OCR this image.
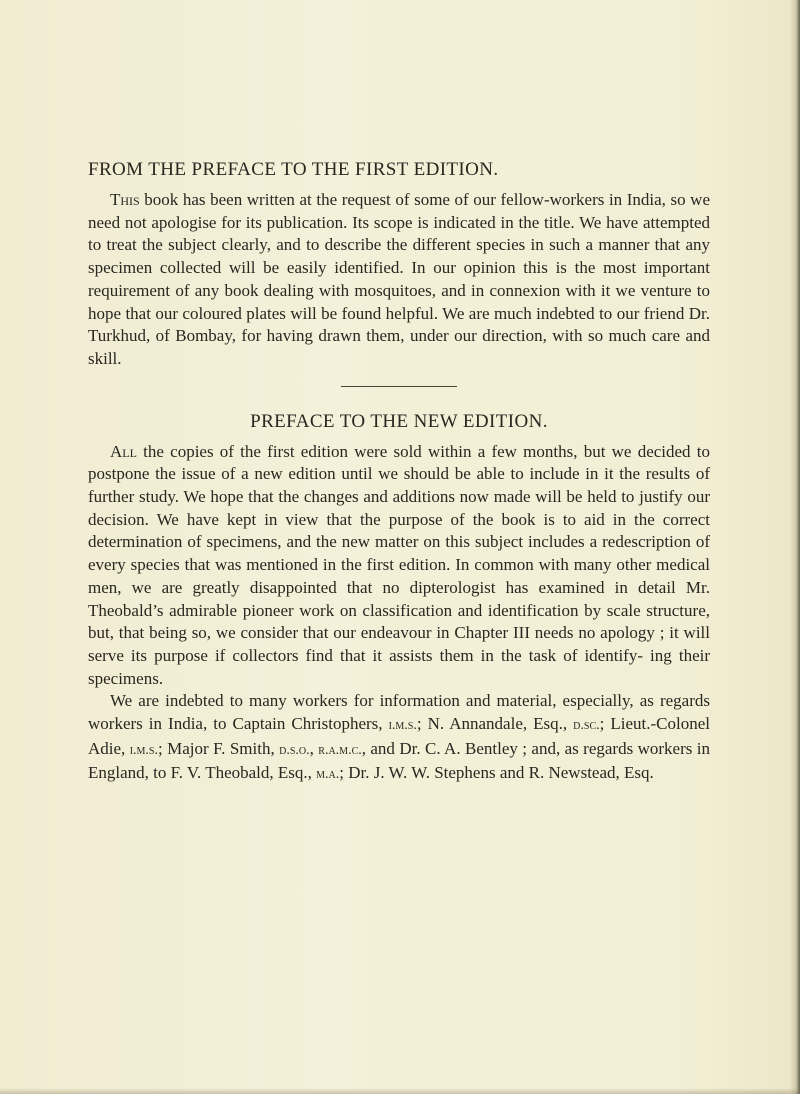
FROM THE PREFACE TO THE FIRST EDITION.

This book has been written at the request of some of our fellow-workers in India, so we need not apologise for its publication. Its scope is indicated in the title. We have attempted to treat the subject clearly, and to describe the different species in such a manner that any specimen collected will be easily identified. In our opinion this is the most important requirement of any book dealing with mosquitoes, and in connexion with it we venture to hope that our coloured plates will be found helpful. We are much indebted to our friend Dr. Turkhud, of Bombay, for having drawn them, under our direction, with so much care and skill.

PREFACE TO THE NEW EDITION.

All the copies of the first edition were sold within a few months, but we decided to postpone the issue of a new edition until we should be able to include in it the results of further study. We hope that the changes and additions now made will be held to justify our decision. We have kept in view that the purpose of the book is to aid in the correct determination of specimens, and the new matter on this subject includes a redescription of every species that was mentioned in the first edition. In common with many other medical men, we are greatly disappointed that no dipterologist has examined in detail Mr. Theobald’s admirable pioneer work on classification and identification by scale structure, but, that being so, we consider that our endeavour in Chapter III needs no apology ; it will serve its purpose if collectors find that it assists them in the task of identify- ing their specimens.

We are indebted to many workers for information and material, especially, as regards workers in India, to Captain Christophers, i.m.s.; N. Annandale, Esq., d.sc.; Lieut.-Colonel Adie, i.m.s.; Major F. Smith, d.s.o., r.a.m.c., and Dr. C. A. Bentley ; and, as regards workers in England, to F. V. Theobald, Esq., m.a.; Dr. J. W. W. Stephens and R. Newstead, Esq.
